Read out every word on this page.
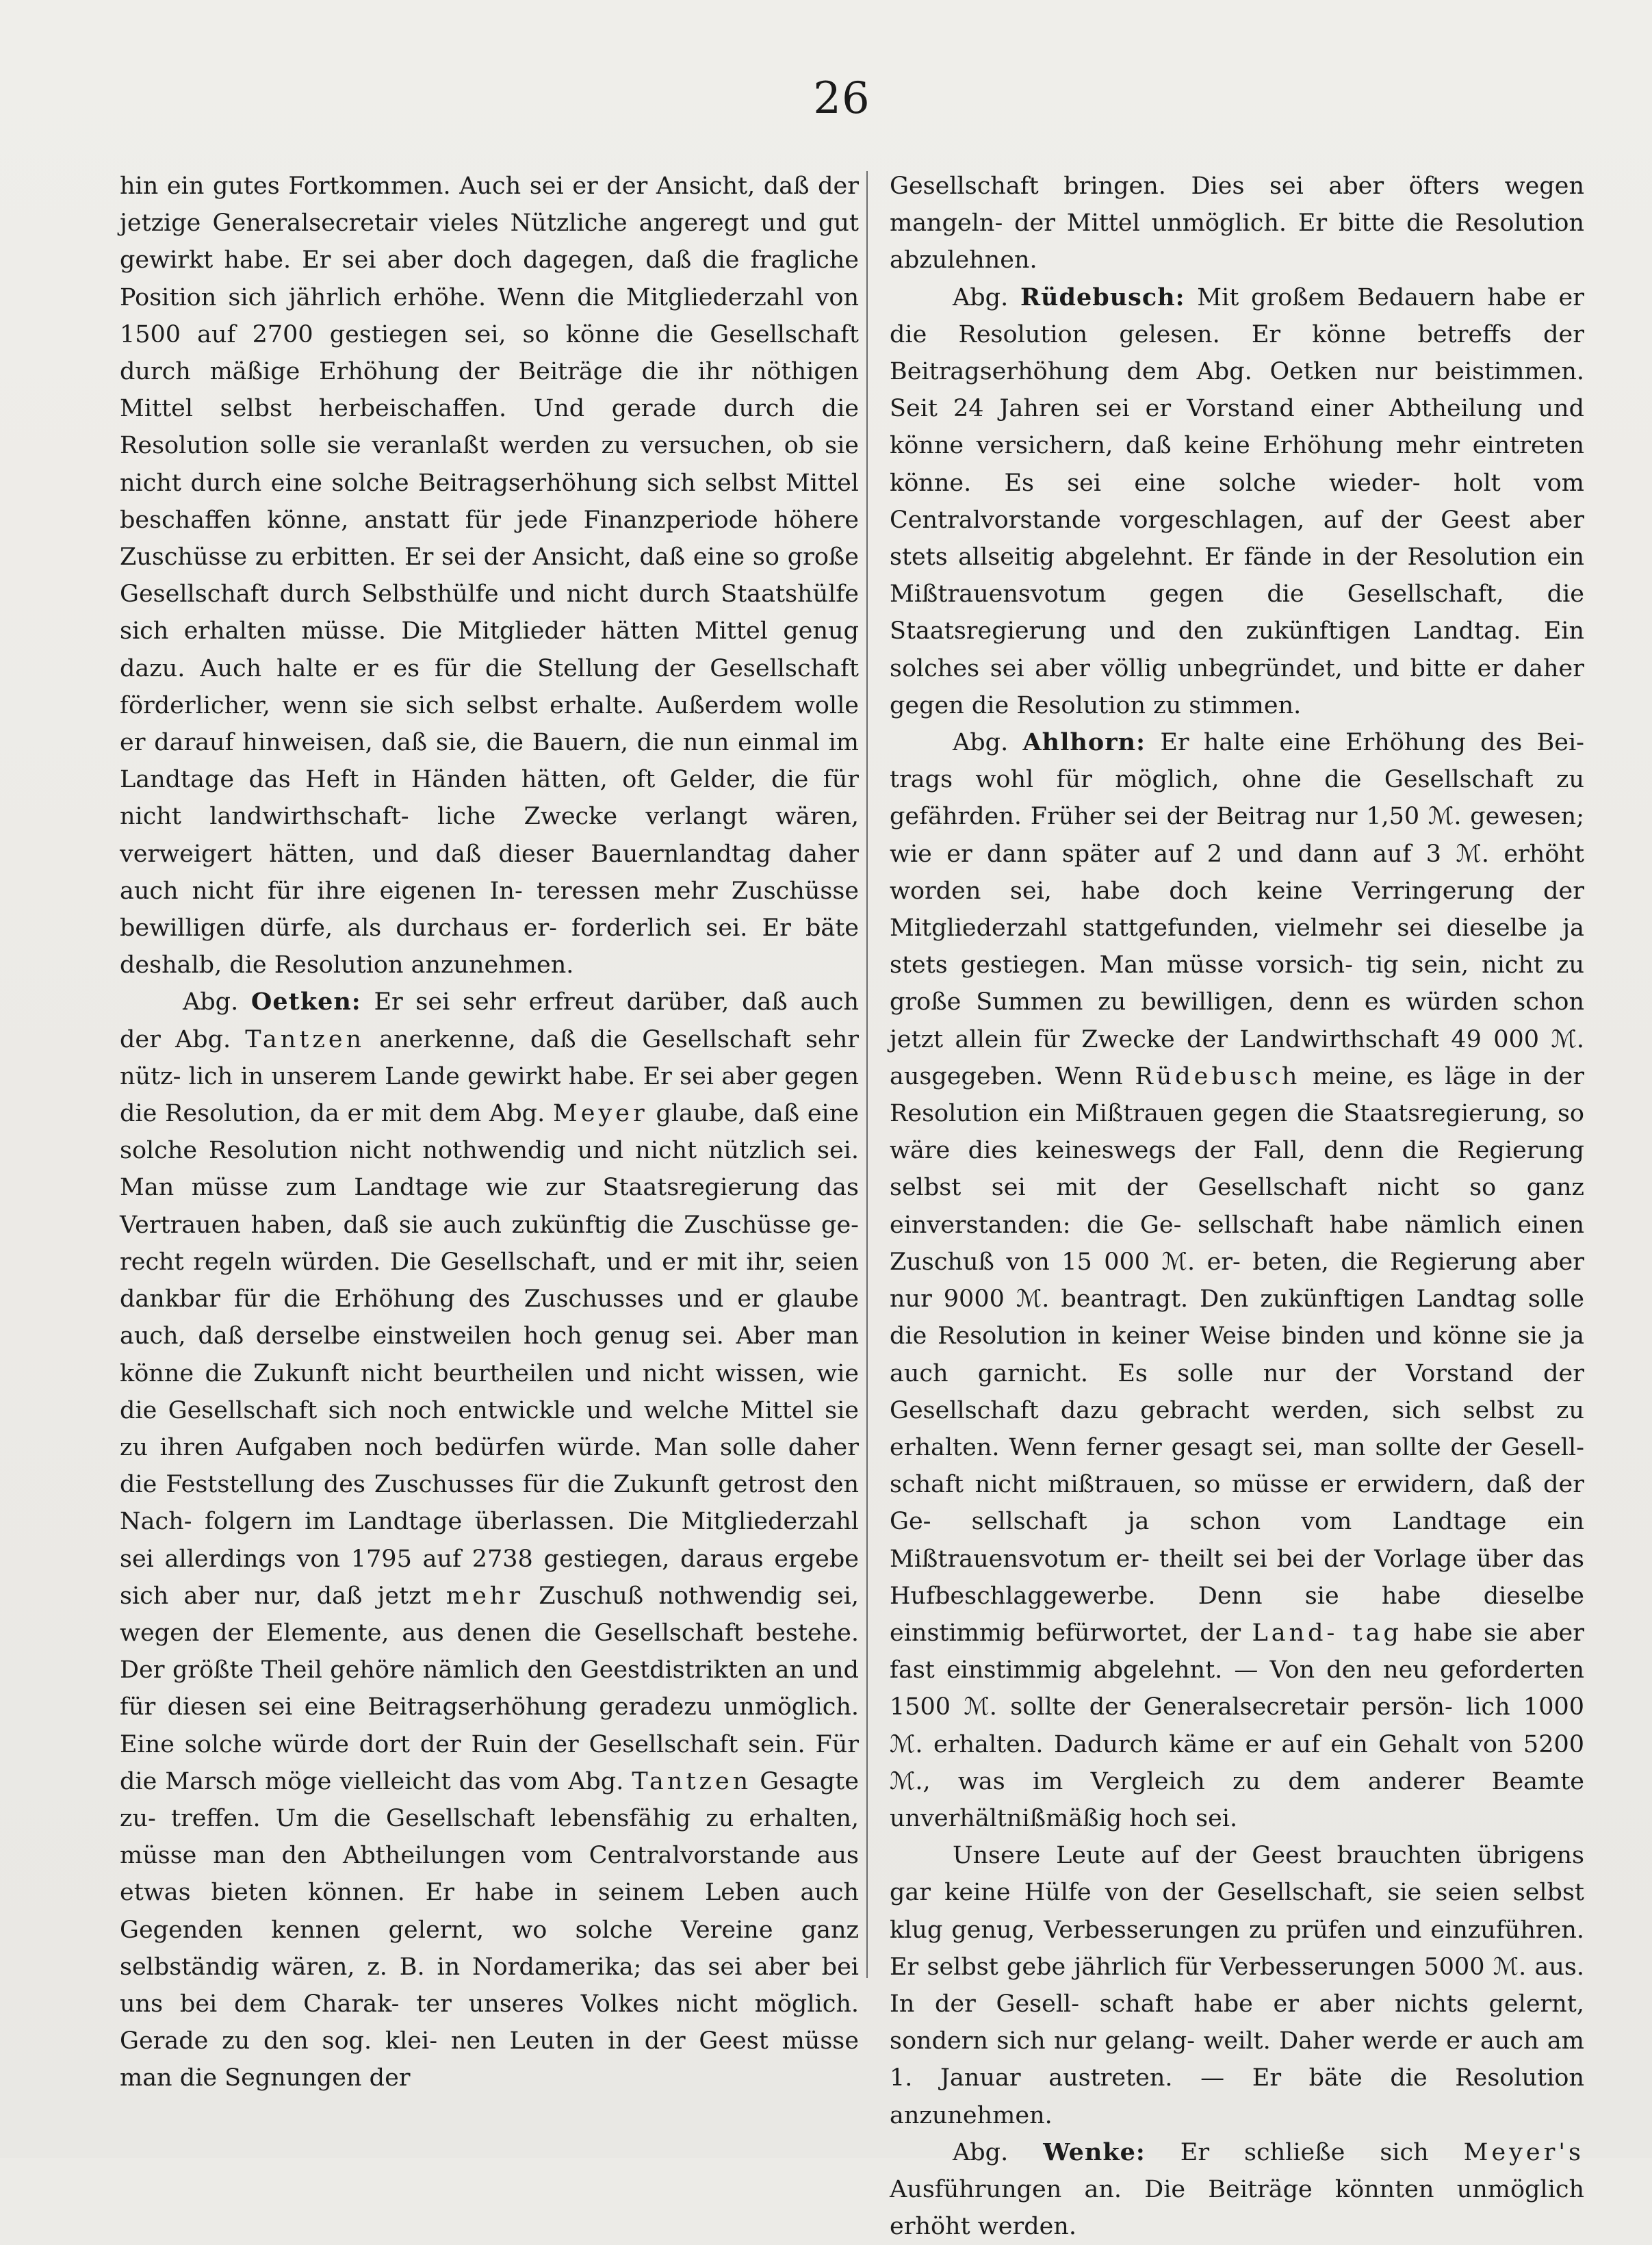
26

hin ein gutes Fortkommen. Auch sei er der Ansicht, daß der jetzige Generalsecretair vieles Nützliche angeregt und gut gewirkt habe. Er sei aber doch dagegen, daß die fragliche Position sich jährlich erhöhe. Wenn die Mitgliederzahl von 1500 auf 2700 gestiegen sei, so könne die Gesellschaft durch mäßige Erhöhung der Beiträge die ihr nöthigen Mittel selbst herbeischaffen. Und gerade durch die Resolution solle sie veranlaßt werden zu versuchen, ob sie nicht durch eine solche Beitragserhöhung sich selbst Mittel beschaffen könne, anstatt für jede Finanzperiode höhere Zuschüsse zu erbitten. Er sei der Ansicht, daß eine so große Gesellschaft durch Selbsthülfe und nicht durch Staatshülfe sich erhalten müsse. Die Mitglieder hätten Mittel genug dazu. Auch halte er es für die Stellung der Gesellschaft förderlicher, wenn sie sich selbst erhalte. Außerdem wolle er darauf hinweisen, daß sie, die Bauern, die nun einmal im Landtage das Heft in Händen hätten, oft Gelder, die für nicht landwirthschaft- liche Zwecke verlangt wären, verweigert hätten, und daß dieser Bauernlandtag daher auch nicht für ihre eigenen In- teressen mehr Zuschüsse bewilligen dürfe, als durchaus er- forderlich sei. Er bäte deshalb, die Resolution anzunehmen.

Abg. Oetken: Er sei sehr erfreut darüber, daß auch der Abg. Tantzen anerkenne, daß die Gesellschaft sehr nütz- lich in unserem Lande gewirkt habe. Er sei aber gegen die Resolution, da er mit dem Abg. Meyer glaube, daß eine solche Resolution nicht nothwendig und nicht nützlich sei. Man müsse zum Landtage wie zur Staatsregierung das Vertrauen haben, daß sie auch zukünftig die Zuschüsse ge- recht regeln würden. Die Gesellschaft, und er mit ihr, seien dankbar für die Erhöhung des Zuschusses und er glaube auch, daß derselbe einstweilen hoch genug sei. Aber man könne die Zukunft nicht beurtheilen und nicht wissen, wie die Gesellschaft sich noch entwickle und welche Mittel sie zu ihren Aufgaben noch bedürfen würde. Man solle daher die Feststellung des Zuschusses für die Zukunft getrost den Nach- folgern im Landtage überlassen. Die Mitgliederzahl sei allerdings von 1795 auf 2738 gestiegen, daraus ergebe sich aber nur, daß jetzt mehr Zuschuß nothwendig sei, wegen der Elemente, aus denen die Gesellschaft bestehe. Der größte Theil gehöre nämlich den Geestdistrikten an und für diesen sei eine Beitragserhöhung geradezu unmöglich. Eine solche würde dort der Ruin der Gesellschaft sein. Für die Marsch möge vielleicht das vom Abg. Tantzen Gesagte zu- treffen. Um die Gesellschaft lebensfähig zu erhalten, müsse man den Abtheilungen vom Centralvorstande aus etwas bieten können. Er habe in seinem Leben auch Gegenden kennen gelernt, wo solche Vereine ganz selbständig wären, z. B. in Nordamerika; das sei aber bei uns bei dem Charak- ter unseres Volkes nicht möglich. Gerade zu den sog. klei- nen Leuten in der Geest müsse man die Segnungen der

Gesellschaft bringen. Dies sei aber öfters wegen mangeln- der Mittel unmöglich. Er bitte die Resolution abzulehnen.

Abg. Rüdebusch: Mit großem Bedauern habe er die Resolution gelesen. Er könne betreffs der Beitragserhöhung dem Abg. Oetken nur beistimmen. Seit 24 Jahren sei er Vorstand einer Abtheilung und könne versichern, daß keine Erhöhung mehr eintreten könne. Es sei eine solche wieder- holt vom Centralvorstande vorgeschlagen, auf der Geest aber stets allseitig abgelehnt. Er fände in der Resolution ein Mißtrauensvotum gegen die Gesellschaft, die Staatsregierung und den zukünftigen Landtag. Ein solches sei aber völlig unbegründet, und bitte er daher gegen die Resolution zu stimmen.

Abg. Ahlhorn: Er halte eine Erhöhung des Bei- trags wohl für möglich, ohne die Gesellschaft zu gefährden. Früher sei der Beitrag nur 1,50 ℳ. gewesen; wie er dann später auf 2 und dann auf 3 ℳ. erhöht worden sei, habe doch keine Verringerung der Mitgliederzahl stattgefunden, vielmehr sei dieselbe ja stets gestiegen. Man müsse vorsich- tig sein, nicht zu große Summen zu bewilligen, denn es würden schon jetzt allein für Zwecke der Landwirthschaft 49 000 ℳ. ausgegeben. Wenn Rüdebusch meine, es läge in der Resolution ein Mißtrauen gegen die Staatsregierung, so wäre dies keineswegs der Fall, denn die Regierung selbst sei mit der Gesellschaft nicht so ganz einverstanden: die Ge- sellschaft habe nämlich einen Zuschuß von 15 000 ℳ. er- beten, die Regierung aber nur 9000 ℳ. beantragt. Den zukünftigen Landtag solle die Resolution in keiner Weise binden und könne sie ja auch garnicht. Es solle nur der Vorstand der Gesellschaft dazu gebracht werden, sich selbst zu erhalten. Wenn ferner gesagt sei, man sollte der Gesell- schaft nicht mißtrauen, so müsse er erwidern, daß der Ge- sellschaft ja schon vom Landtage ein Mißtrauensvotum er- theilt sei bei der Vorlage über das Hufbeschlaggewerbe. Denn sie habe dieselbe einstimmig befürwortet, der Land- tag habe sie aber fast einstimmig abgelehnt. — Von den neu geforderten 1500 ℳ. sollte der Generalsecretair persön- lich 1000 ℳ. erhalten. Dadurch käme er auf ein Gehalt von 5200 ℳ., was im Vergleich zu dem anderer Beamte unverhältnißmäßig hoch sei.

Unsere Leute auf der Geest brauchten übrigens gar keine Hülfe von der Gesellschaft, sie seien selbst klug genug, Verbesserungen zu prüfen und einzuführen. Er selbst gebe jährlich für Verbesserungen 5000 ℳ. aus. In der Gesell- schaft habe er aber nichts gelernt, sondern sich nur gelang- weilt. Daher werde er auch am 1. Januar austreten. — Er bäte die Resolution anzunehmen.

Abg. Wenke: Er schließe sich Meyer's Ausführungen an. Die Beiträge könnten unmöglich erhöht werden.
